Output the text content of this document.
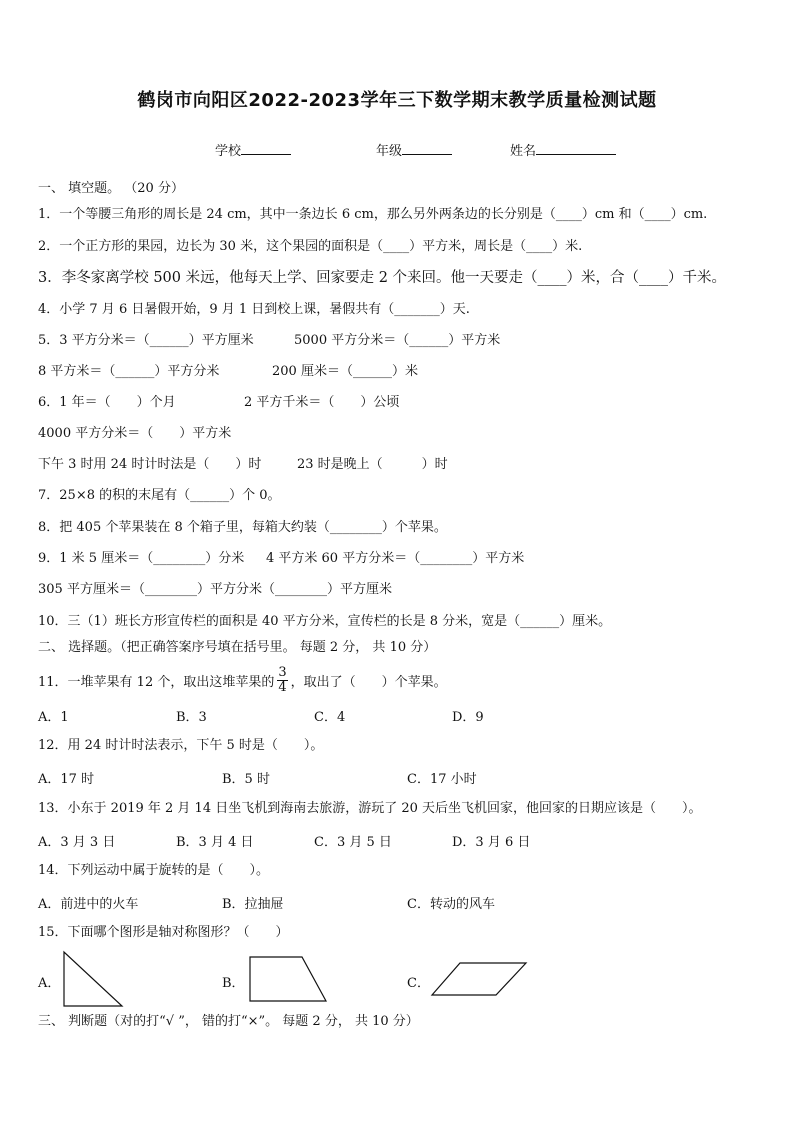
鹤岗市向阳区2022-2023学年三下数学期末教学质量检测试题
学校	年级	姓名
一、 填空题。 （20 分）
1．一个等腰三角形的周长是 24 cm，其中一条边长 6 cm，那么另外两条边的长分别是（____）cm 和（____）cm.
2．一个正方形的果园，边长为 30 米，这个果园的面积是（____）平方米，周长是（____）米.
3．李冬家离学校 500 米远，他每天上学、回家要走 2 个来回。他一天要走（____）米，合（____）千米。
4．小学 7 月 6 日暑假开始，9 月 1 日到校上课，暑假共有（_______）天.
5．3 平方分米＝（______）平方厘米	5000 平方分米＝（______）平方米
8 平方米＝（______）平方分米	200 厘米＝（______）米
6．1 年＝（　　）个月	2 平方千米＝（　　）公顷
4000 平方分米＝（　　）平方米
下午 3 时用 24 时计时法是（　　）时	23 时是晚上（　　　）时
7．25×8 的积的末尾有（______）个 0。
8．把 405 个苹果装在 8 个箱子里，每箱大约装（________）个苹果。
9．1 米 5 厘米＝（________）分米 4 平方米 60 平方分米＝（________）平方米
305 平方厘米＝（________）平方分米（________）平方厘米
10．三（1）班长方形宣传栏的面积是 40 平方分米，宣传栏的长是 8 分米，宽是（______）厘米。
二、 选择题。（把正确答案序号填在括号里。 每题 2 分， 共 10 分）
11．一堆苹果有 12 个，取出这堆苹果的 $\frac{3}{4}$ ，取出了（　　）个苹果。
A．1	B．3	C．4	D．9
12．用 24 时计时法表示，下午 5 时是（　　）。
A．17 时	B．5 时	C．17 小时
13．小东于 2019 年 2 月 14 日坐飞机到海南去旅游，游玩了 20 天后坐飞机回家，他回家的日期应该是（　　）。
A．3 月 3 日	B．3 月 4 日	C．3 月 5 日	D．3 月 6 日
14．下列运动中属于旋转的是（　　）。
A．前进中的火车	B．拉抽屉	C．转动的风车
15．下面哪个图形是轴对称图形？（　　）
A．	B．	C．
三、 判断题（对的打“√ ”， 错的打“×”。 每题 2 分， 共 10 分）
